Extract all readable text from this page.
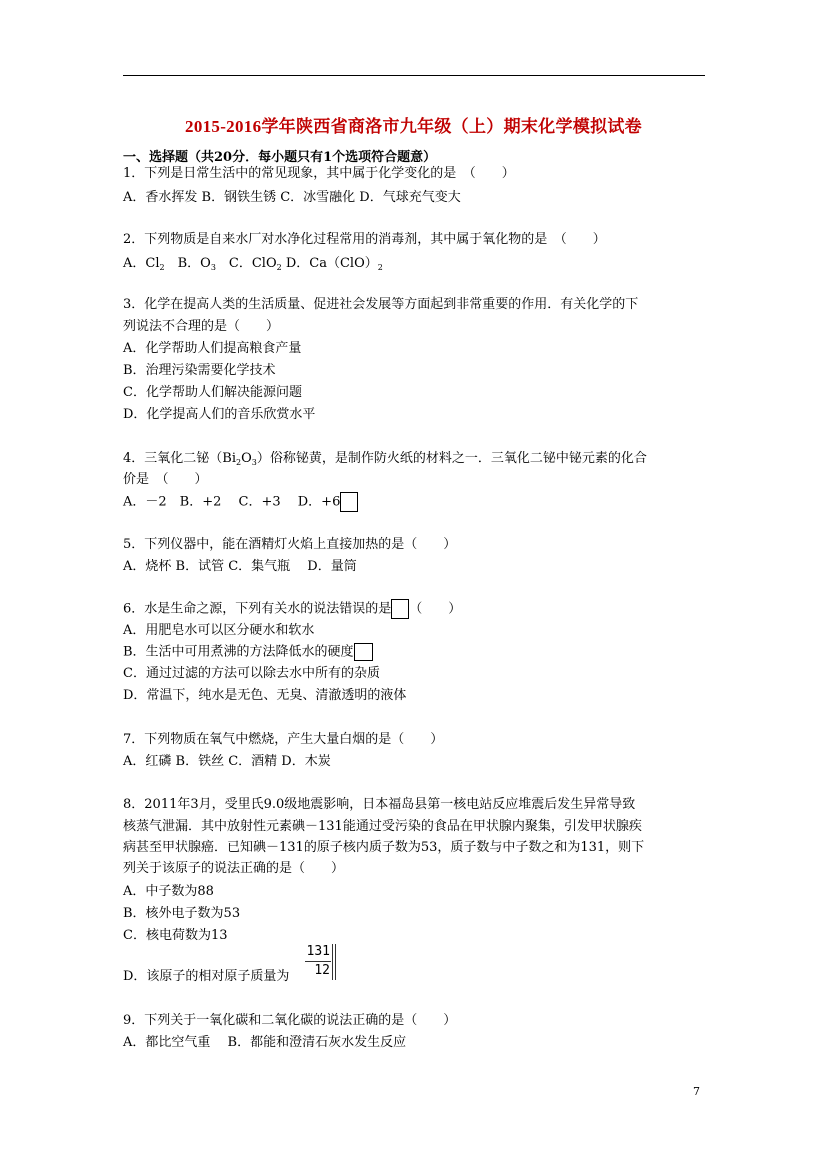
2015-2016学年陕西省商洛市九年级（上）期末化学模拟试卷
一、选择题（共20分．每小题只有1个选项符合题意）
1．下列是日常生活中的常见现象，其中属于化学变化的是　（　　）
A．香水挥发 B．钢铁生锈 C．冰雪融化 D．气球充气变大
2．下列物质是自来水厂对水净化过程常用的消毒剂，其中属于氧化物的是　（　　）
A．$Cl_2$　B．$O_3$　C．ClO$_2$ D．$Ca(ClO)_2$
3．化学在提高人类的生活质量、促进社会发展等方面起到非常重要的作用．有关化学的下
列说法不合理的是（　　）
A．化学帮助人们提高粮食产量
B．治理污染需要化学技术
C．化学帮助人们解决能源问题
D．化学提高人们的音乐欣赏水平
4．三氧化二铋$(Bi_2O_3)$俗称铋黄，是制作防火纸的材料之一．三氧化二铋中铋元素的化合
价是　（　　）
A．－2　B．+2　 C．+3　 D．+6
5．下列仪器中，能在酒精灯火焰上直接加热的是（　　）
A．烧杯 B．试管 C．集气瓶　 D．量筒
6．水是生命之源，下列有关水的说法错误的是 （　　）
A．用肥皂水可以区分硬水和软水
B．生活中可用煮沸的方法降低水的硬度
C．通过过滤的方法可以除去水中所有的杂质
D．常温下，纯水是无色、无臭、清澈透明的液体
7．下列物质在氧气中燃烧，产生大量白烟的是（　　）
A．红磷 B．铁丝 C．酒精 D．木炭
8．2011年3月，受里氏9.0级地震影响，日本福岛县第一核电站反应堆震后发生异常导致
核蒸气泄漏．其中放射性元素碘－131能通过受污染的食品在甲状腺内聚集，引发甲状腺疾
病甚至甲状腺癌．已知碘－131的原子核内质子数为53，质子数与中子数之和为131，则下
列关于该原子的说法正确的是（　　）
A．中子数为88
B．核外电子数为53
C．核电荷数为13
D．该原子的相对原子质量为
131
12
9．下列关于一氧化碳和二氧化碳的说法正确的是（　　）
A．都比空气重　 B．都能和澄清石灰水发生反应
7
